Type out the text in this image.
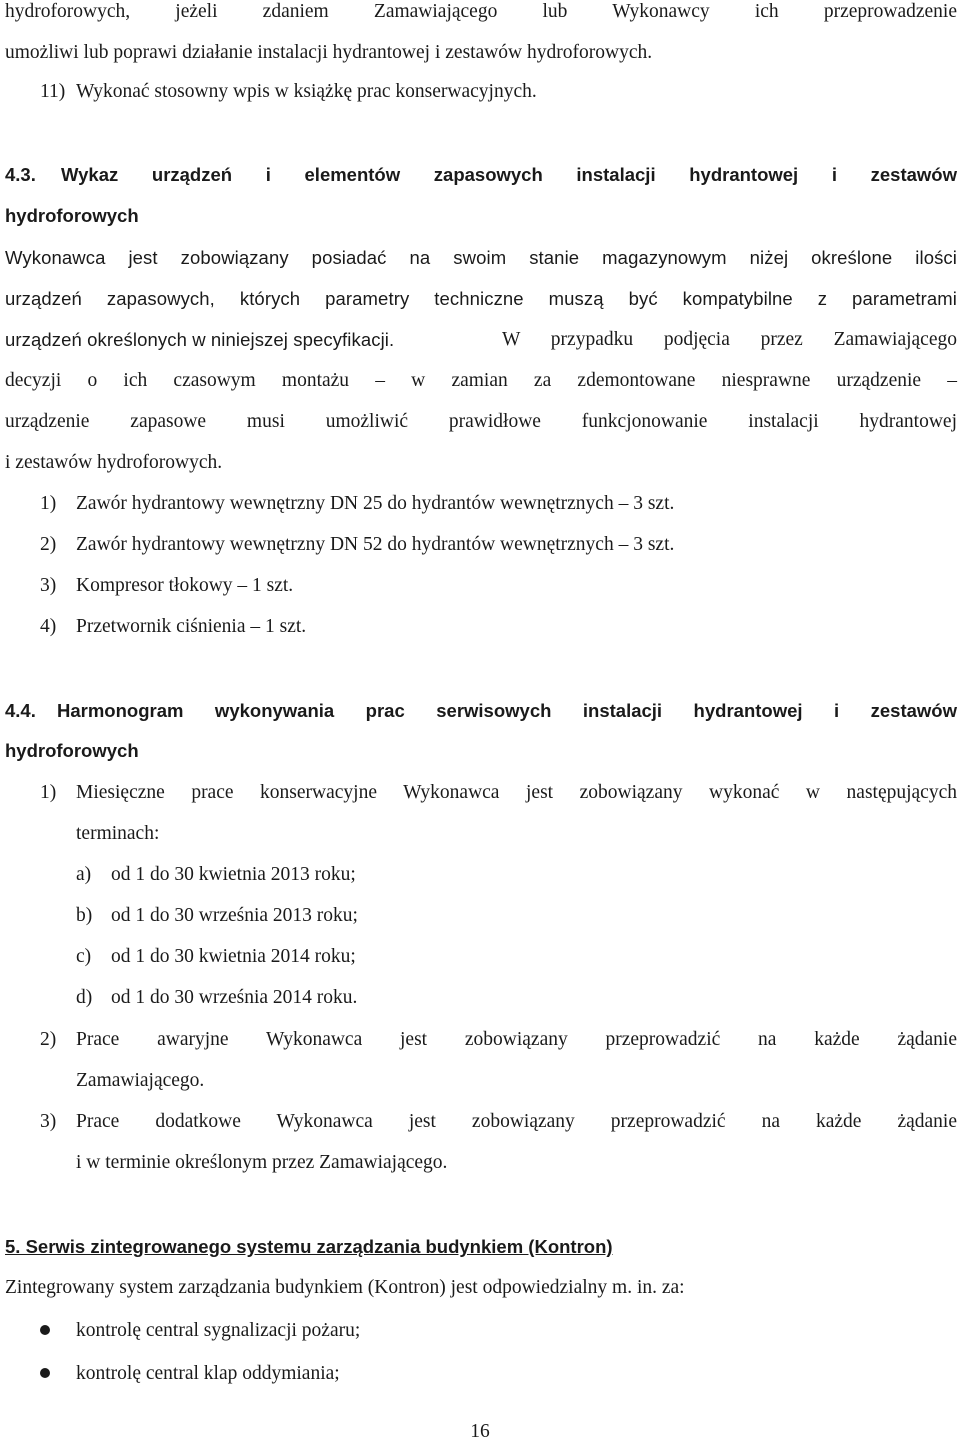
hydroforowych, jeżeli zdaniem Zamawiającego lub Wykonawcy ich przeprowadzenie
umożliwi lub poprawi działanie instalacji hydrantowej i zestawów hydroforowych.
11) Wykonać stosowny wpis w książkę prac konserwacyjnych.
4.3. Wykaz urządzeń i elementów zapasowych instalacji hydrantowej i zestawów
hydroforowych
Wykonawca jest zobowiązany posiadać na swoim stanie magazynowym niżej określone ilości
urządzeń zapasowych, których parametry techniczne muszą być kompatybilne z parametrami
urządzeń określonych w niniejszej specyfikacji.	W przypadku podjęcia przez Zamawiającego
decyzji o ich czasowym montażu – w zamian za zdemontowane niesprawne urządzenie –
urządzenie zapasowe musi umożliwić prawidłowe funkcjonowanie instalacji hydrantowej
i zestawów hydroforowych.
1) Zawór hydrantowy wewnętrzny DN 25 do hydrantów wewnętrznych – 3 szt.
2) Zawór hydrantowy wewnętrzny DN 52 do hydrantów wewnętrznych – 3 szt.
3) Kompresor tłokowy – 1 szt.
4) Przetwornik ciśnienia – 1 szt.
4.4. Harmonogram wykonywania prac serwisowych instalacji hydrantowej i zestawów
hydroforowych
1) Miesięczne prace konserwacyjne Wykonawca jest zobowiązany wykonać w następujących
terminach:
a) od 1 do 30 kwietnia 2013 roku;
b) od 1 do 30 września 2013 roku;
c) od 1 do 30 kwietnia 2014 roku;
d) od 1 do 30 września 2014 roku.
2) Prace awaryjne Wykonawca jest zobowiązany przeprowadzić na każde żądanie
Zamawiającego.
3) Prace dodatkowe Wykonawca jest zobowiązany przeprowadzić na każde żądanie
i w terminie określonym przez Zamawiającego.
5. Serwis zintegrowanego systemu zarządzania budynkiem (Kontron)
Zintegrowany system zarządzania budynkiem (Kontron) jest odpowiedzialny m. in. za:
kontrolę central sygnalizacji pożaru;
kontrolę central klap oddymiania;
16
